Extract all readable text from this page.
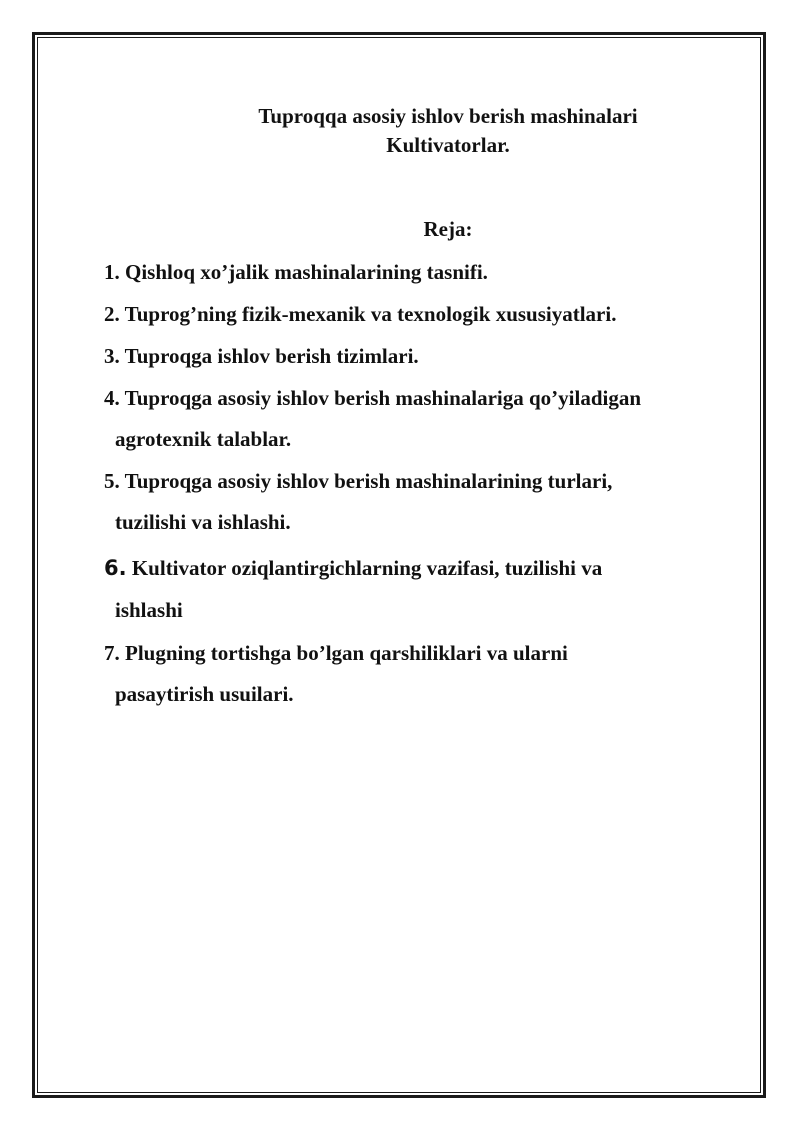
Tuproqqa asosiy ishlov berish mashinalari
Kultivatorlar.
Reja:
1. Qishloq xo’jalik mashinalarining tasnifi.
2. Tuprog’ning fizik-mexanik va texnologik xususiyatlari.
3. Tuproqga ishlov berish tizimlari.
4. Tuproqga asosiy ishlov berish mashinalariga qo’yiladigan
agrotexnik talablar.
5. Tuproqga asosiy ishlov berish mashinalarining turlari,
tuzilishi va ishlashi.
6. Kultivator oziqlantirgichlarning vazifasi, tuzilishi va
ishlashi
7. Plugning tortishga bo’lgan qarshiliklari va ularni
pasaytirish usuilari.
